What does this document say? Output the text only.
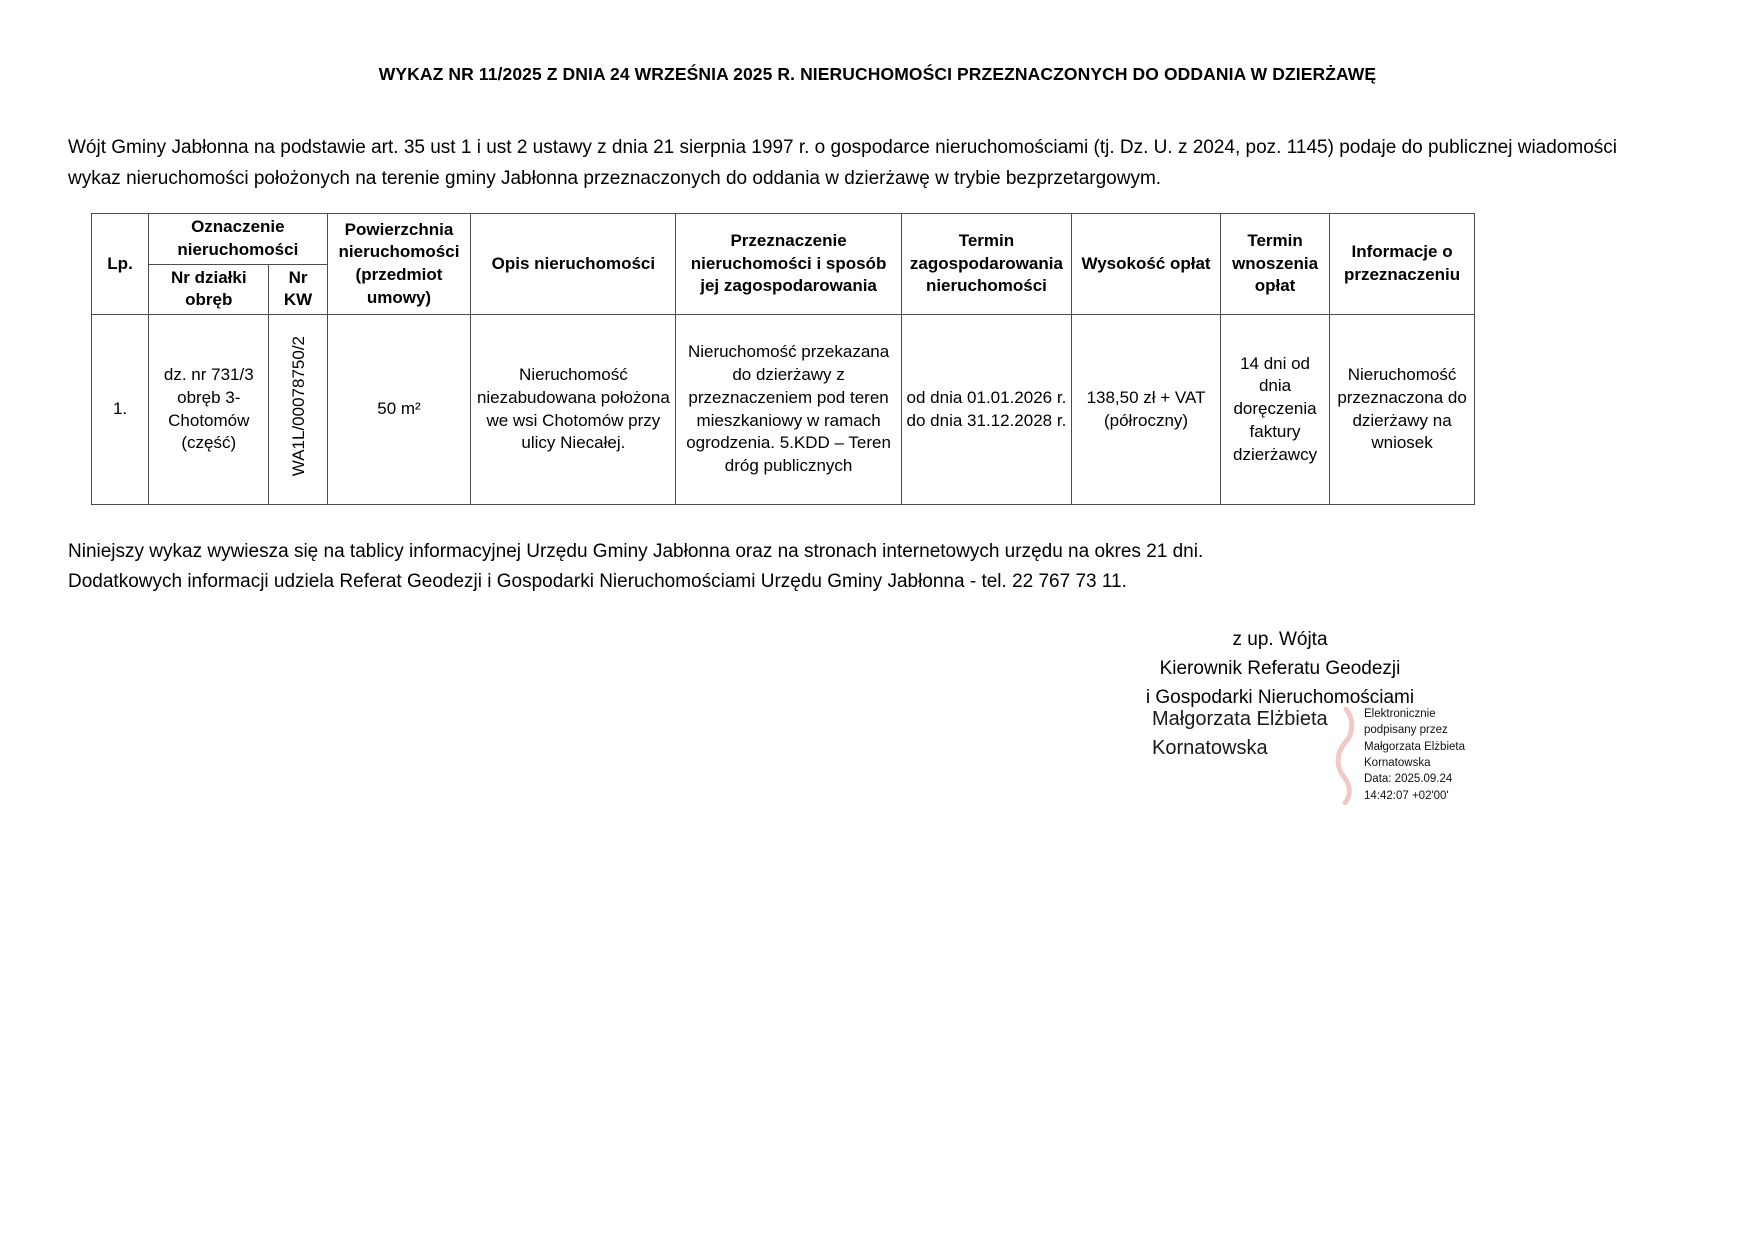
WYKAZ NR 11/2025 Z DNIA 24 WRZEŚNIA 2025 R. NIERUCHOMOŚCI PRZEZNACZONYCH DO ODDANIA W DZIERŻAWĘ
Wójt Gminy Jabłonna na podstawie art. 35 ust 1 i ust 2 ustawy z dnia 21 sierpnia 1997 r. o gospodarce nieruchomościami (tj. Dz. U. z 2024, poz. 1145) podaje do publicznej wiadomości
wykaz nieruchomości położonych na terenie gminy Jabłonna przeznaczonych do oddania w dzierżawę w trybie bezprzetargowym.
Lp.	Oznaczenie nieruchomości		Powierzchnia nieruchomości (przedmiot umowy)	Opis nieruchomości	Przeznaczenie nieruchomości i sposób jej zagospodarowania	Termin zagospodarowania nieruchomości	Wysokość opłat	Termin wnoszenia opłat	Informacje o przeznaczeniu
	Nr działki obręb	Nr KW							
1.	dz. nr 731/3 obręb 3- Chotomów (część)	WA1L/00078750/2	50 m²	Nieruchomość niezabudowana położona we wsi Chotomów przy ulicy Niecałej.	Nieruchomość przekazana do dzierżawy z przeznaczeniem pod teren mieszkaniowy w ramach ogrodzenia. 5.KDD – Teren dróg publicznych	od dnia 01.01.2026 r. do dnia 31.12.2028 r.	138,50 zł + VAT (półroczny)	14 dni od dnia doręczenia faktury dzierżawcy	Nieruchomość przeznaczona do dzierżawy na wniosek
Niniejszy wykaz wywiesza się na tablicy informacyjnej Urzędu Gminy Jabłonna oraz na stronach internetowych urzędu na okres 21 dni.
Dodatkowych informacji udziela Referat Geodezji i Gospodarki Nieruchomościami Urzędu Gminy Jabłonna - tel. 22 767 73 11.
z up. Wójta
Kierownik Referatu Geodezji
i Gospodarki Nieruchomościami
Małgorzata Elżbieta Kornatowska
Elektronicznie
podpisany przez
Małgorzata Elżbieta
Kornatowska
Data: 2025.09.24
14:42:07 +02'00'
